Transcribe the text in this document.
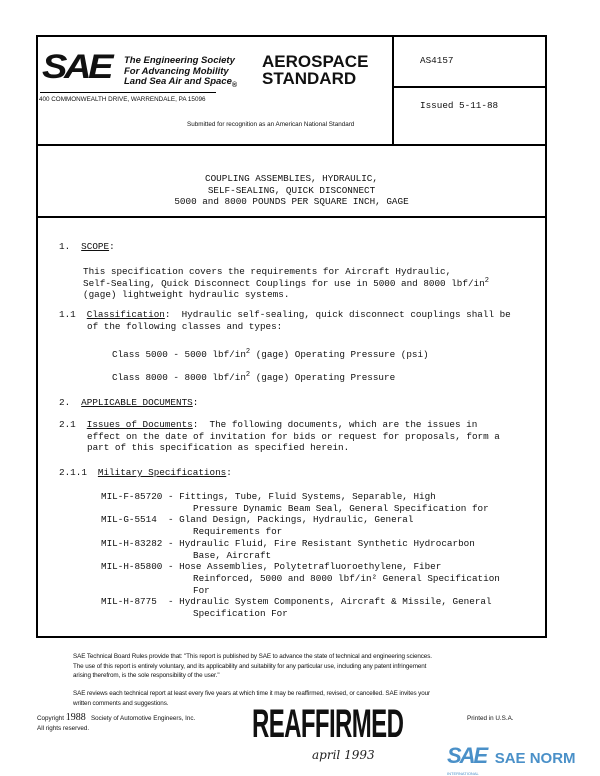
SAE The Engineering Society
For Advancing Mobility
Land Sea Air and Space$_®$
AEROSPACE
STANDARD
400 COMMONWEALTH DRIVE, WARRENDALE, PA 15096
Submitted for recognition as an American National Standard
AS4157
Issued 5-11-88
COUPLING ASSEMBLIES, HYDRAULIC,
SELF-SEALING, QUICK DISCONNECT
5000 and 8000 POUNDS PER SQUARE INCH, GAGE
1. SCOPE:
This specification covers the requirements for Aircraft Hydraulic,
Self-Sealing, Quick Disconnect Couplings for use in 5000 and 8000 lbf/$in^2$
(gage) lightweight hydraulic systems.
1.1 Classification:  Hydraulic self-sealing, quick disconnect couplings shall be
of the following classes and types:
Class 5000 - 5000 lbf/$in^2$ (gage) Operating Pressure (psi)
Class 8000 - 8000 lbf/$in^2$ (gage) Operating Pressure
2. APPLICABLE DOCUMENTS:
2.1 Issues of Documents:  The following documents, which are the issues in
effect on the date of invitation for bids or request for proposals, form a
part of this specification as specified herein.
2.1.1 Military Specifications:
MIL-F-85720 - Fittings, Tube, Fluid Systems, Separable, High
Pressure Dynamic Beam Seal, General Specification for
MIL-G-5514  - Gland Design, Packings, Hydraulic, General
Requirements for
MIL-H-83282 - Hydraulic Fluid, Fire Resistant Synthetic Hydrocarbon
Base, Aircraft
MIL-H-85800 - Hose Assemblies, Polytetrafluoroethylene, Fiber
Reinforced, 5000 and 8000 lbf/in² General Specification
For
MIL-H-8775  - Hydraulic System Components, Aircraft & Missile, General
Specification For
SAE Technical Board Rules provide that: "This report is published by SAE to advance the state of technical and engineering sciences.
The use of this report is entirely voluntary, and its applicability and suitability for any particular use, including any patent infringement
arising therefrom, is the sole responsibility of the user."
SAE reviews each technical report at least every five years at which time it may be reaffirmed, revised, or cancelled. SAE invites your
written comments and suggestions.
Copyright 1988 Society of Automotive Engineers, Inc.
All rights reserved.
Printed in U.S.A.
REAFFIRMED
april 1993	SAE SAE NORM
INTERNATIONAL
